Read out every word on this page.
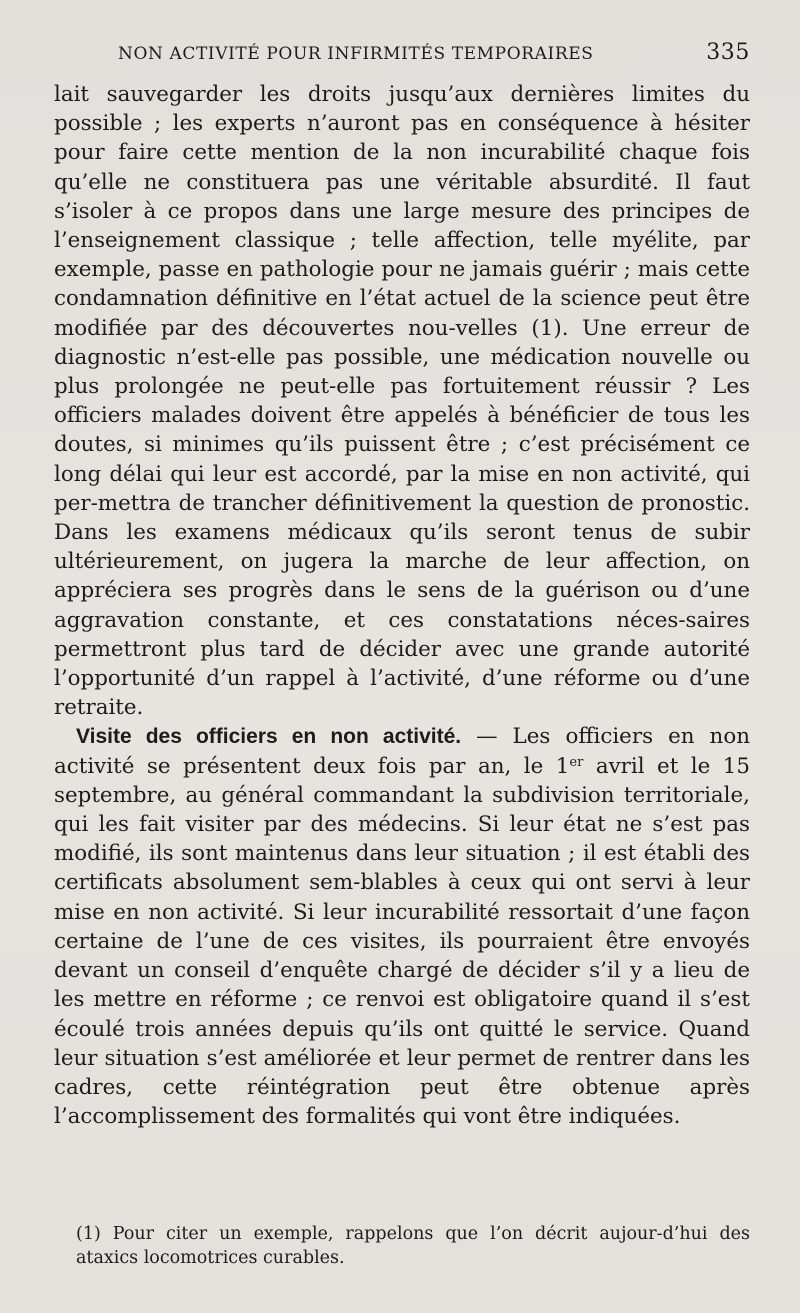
NON ACTIVITÉ POUR INFIRMITÉS TEMPORAIRES	335

lait sauvegarder les droits jusqu’aux dernières limites du possible ; les experts n’auront pas en conséquence à hésiter pour faire cette mention de la non incurabilité chaque fois qu’elle ne constituera pas une véritable absurdité. Il faut s’isoler à ce propos dans une large mesure des principes de l’enseignement classique ; telle affection, telle myélite, par exemple, passe en pathologie pour ne jamais guérir ; mais cette condamnation définitive en l’état actuel de la science peut être modifiée par des découvertes nou-velles (1). Une erreur de diagnostic n’est-elle pas possible, une médication nouvelle ou plus prolongée ne peut-elle pas fortuitement réussir ? Les officiers malades doivent être appelés à bénéficier de tous les doutes, si minimes qu’ils puissent être ; c’est précisément ce long délai qui leur est accordé, par la mise en non activité, qui per-mettra de trancher définitivement la question de pronostic. Dans les examens médicaux qu’ils seront tenus de subir ultérieurement, on jugera la marche de leur affection, on appréciera ses progrès dans le sens de la guérison ou d’une aggravation constante, et ces constatations néces-saires permettront plus tard de décider avec une grande autorité l’opportunité d’un rappel à l’activité, d’une réforme ou d’une retraite.

Visite des officiers en non activité. — Les officiers en non activité se présentent deux fois par an, le 1er avril et le 15 septembre, au général commandant la subdivision territoriale, qui les fait visiter par des médecins. Si leur état ne s’est pas modifié, ils sont maintenus dans leur situation ; il est établi des certificats absolument sem-blables à ceux qui ont servi à leur mise en non activité. Si leur incurabilité ressortait d’une façon certaine de l’une de ces visites, ils pourraient être envoyés devant un conseil d’enquête chargé de décider s’il y a lieu de les mettre en réforme ; ce renvoi est obligatoire quand il s’est écoulé trois années depuis qu’ils ont quitté le service. Quand leur situation s’est améliorée et leur permet de rentrer dans les cadres, cette réintégration peut être obtenue après l’accomplissement des formalités qui vont être indiquées.

(1) Pour citer un exemple, rappelons que l’on décrit aujour-d’hui des ataxics locomotrices curables.
